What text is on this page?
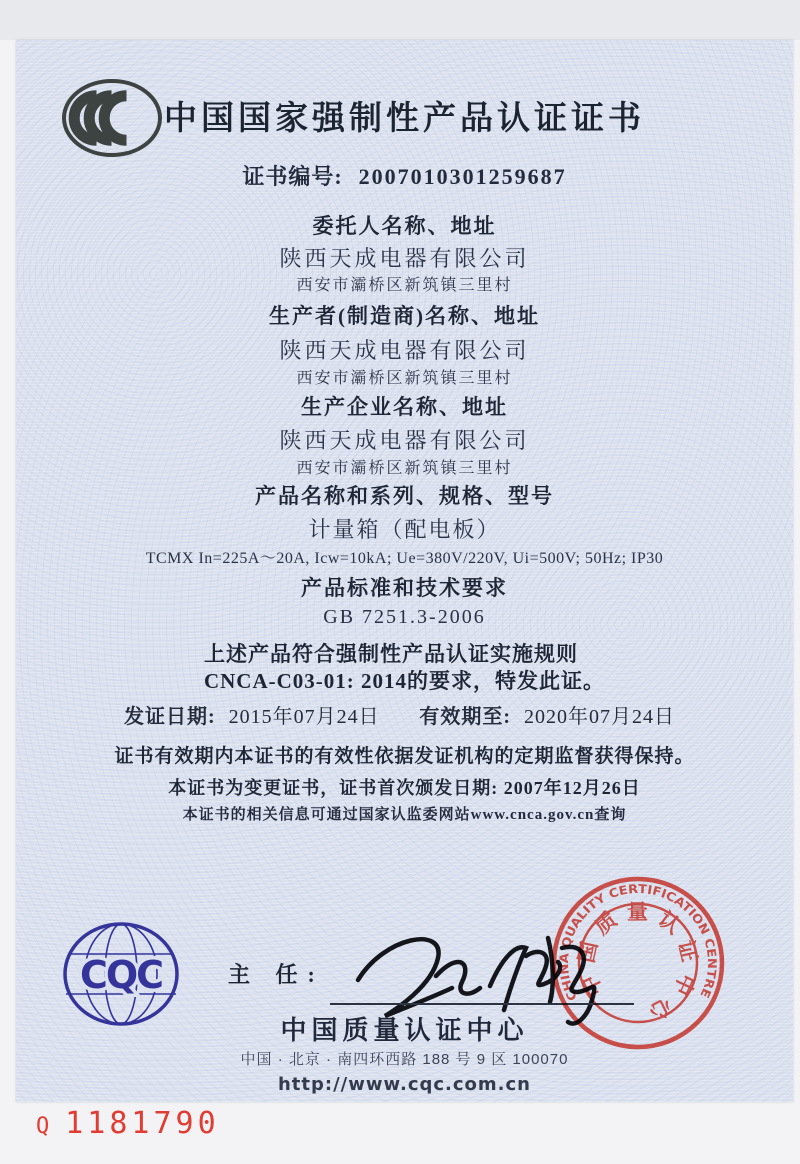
中国国家强制性产品认证证书
证书编号: 2007010301259687
委托人名称、地址
陕西天成电器有限公司
西安市灞桥区新筑镇三里村
生产者(制造商)名称、地址
陕西天成电器有限公司
西安市灞桥区新筑镇三里村
生产企业名称、地址
陕西天成电器有限公司
西安市灞桥区新筑镇三里村
产品名称和系列、规格、型号
计量箱（配电板）
TCMX In=225A～20A, Icw=10kA; Ue=380V/220V, Ui=500V; 50Hz; IP30
产品标准和技术要求
GB 7251.3-2006
上述产品符合强制性产品认证实施规则
CNCA-C03-01: 2014的要求，特发此证。
发证日期: 2015年07月24日 有效期至: 2020年07月24日
证书有效期内本证书的有效性依据发证机构的定期监督获得保持。
本证书为变更证书，证书首次颁发日期: 2007年12月26日
本证书的相关信息可通过国家认监委网站www.cnca.gov.cn查询
CQC	主 任:
中国质量认证中心
中国 · 北京 · 南四环西路 188 号 9 区 100070
http://www.cqc.com.cn
CHINA QUALITY CERTIFICATION CENTRE
中国质量认证中心
Q 1181790
